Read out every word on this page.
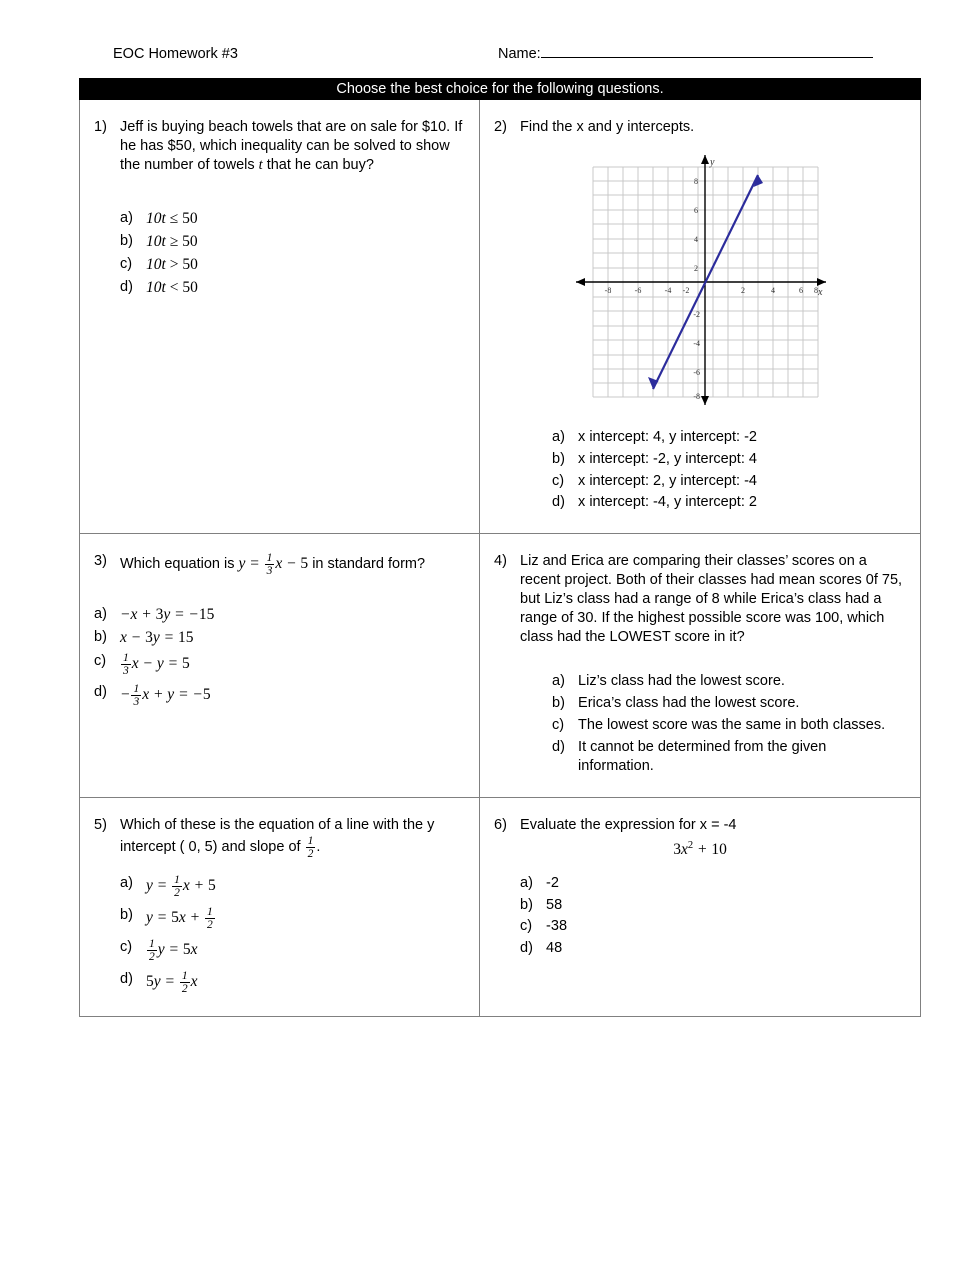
EOC Homework #3	Name:
Choose the best choice for the following questions.
1) Jeff is buying beach towels that are on sale for $10. If he has $50, which inequality can be solved to show the number of towels t that he can buy?
a) 10t ≤ 50
b) 10t ≥ 50
c) 10t > 50
d) 10t < 50
2) Find the x and y intercepts.
-8	-6	-4 -2	2	4	6 8
8
6
4
2
-2
-4
-6
-8
x
y
a) x intercept: 4, y intercept: -2
b) x intercept: -2, y intercept: 4
c) x intercept: 2, y intercept: -4
d) x intercept: -4, y intercept: 2
3) Which equation is $y = \frac{1}{3}$ x − 5 in standard form?
a) −x + 3y = −15
b) x − 3y = 15
c)	$\frac{1}{3}$ x − y = 5
$d) - \frac{1}{3}$ x + y = −5
4) Liz and Erica are comparing their classes’ scores on a recent project. Both of their classes had mean scores 0f 75, but Liz’s class had a range of 8 while Erica’s class had a range of 30. If the highest possible score was 100, which class had the LOWEST score in it?
a) Liz’s class had the lowest score.
b) Erica’s class had the lowest score.
c) The lowest score was the same in both classes.
d) It cannot be determined from the given information.
5) Which of these is the equation of a line with the y intercept ( 0, 5) and slope of $\frac{1}{2}$ .
a) $y = \frac{1}{2}$ x + 5
b) $y = 5x + \frac{1}{2}$
c)	$\frac{1}{2}$ y = 5x
d) $5y = \frac{1}{2}$ x
6) Evaluate the expression for x = -4
$3x^2 + 10$
a) -2
b) 58
c) -38
d) 48
